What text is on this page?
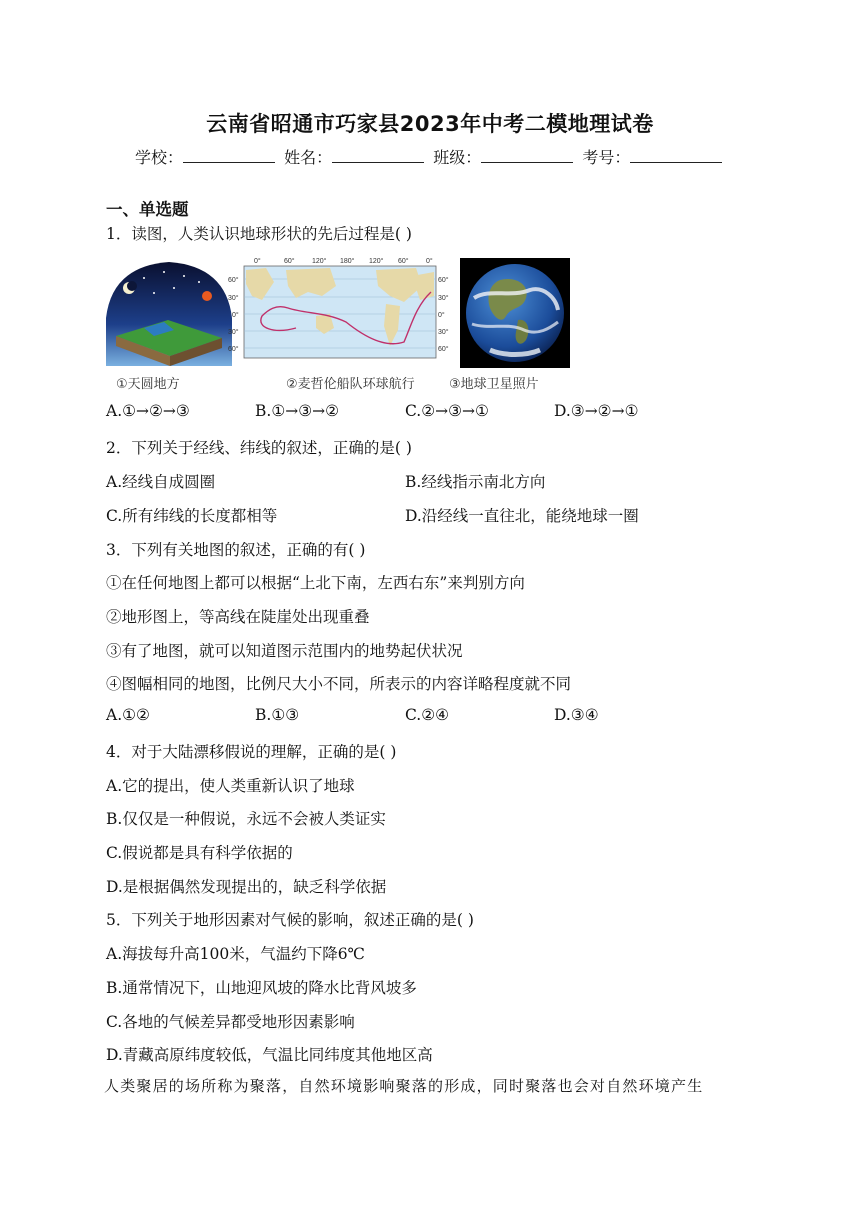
云南省昭通市巧家县2023年中考二模地理试卷
学校：	姓名：	班级：	考号：
一、单选题
1．读图，人类认识地球形状的先后过程是( )
0°	60° 120° 180° 120° 60° 0°
60°
30°
0°
30°
60°
60°
30°
0°
30°
60°
①天圆地方	②麦哲伦船队环球航行	③地球卫星照片
A.①→②→③	B.①→③→②	C.②→③→①	D.③→②→①
2．下列关于经线、纬线的叙述，正确的是( )
A.经线自成圆圈	B.经线指示南北方向
C.所有纬线的长度都相等	D.沿经线一直往北，能绕地球一圈
3．下列有关地图的叙述，正确的有( )
①在任何地图上都可以根据“上北下南，左西右东”来判别方向
②地形图上，等高线在陡崖处出现重叠
③有了地图，就可以知道图示范围内的地势起伏状况
④图幅相同的地图，比例尺大小不同，所表示的内容详略程度就不同
A.①②	B.①③	C.②④	D.③④
4．对于大陆漂移假说的理解，正确的是( )
A.它的提出，使人类重新认识了地球
B.仅仅是一种假说，永远不会被人类证实
C.假说都是具有科学依据的
D.是根据偶然发现提出的，缺乏科学依据
5．下列关于地形因素对气候的影响，叙述正确的是( )
A.海拔每升高100米，气温约下降6℃
B.通常情况下，山地迎风坡的降水比背风坡多
C.各地的气候差异都受地形因素影响
D.青藏高原纬度较低，气温比同纬度其他地区高
人类聚居的场所称为聚落，自然环境影响聚落的形成，同时聚落也会对自然环境产生
